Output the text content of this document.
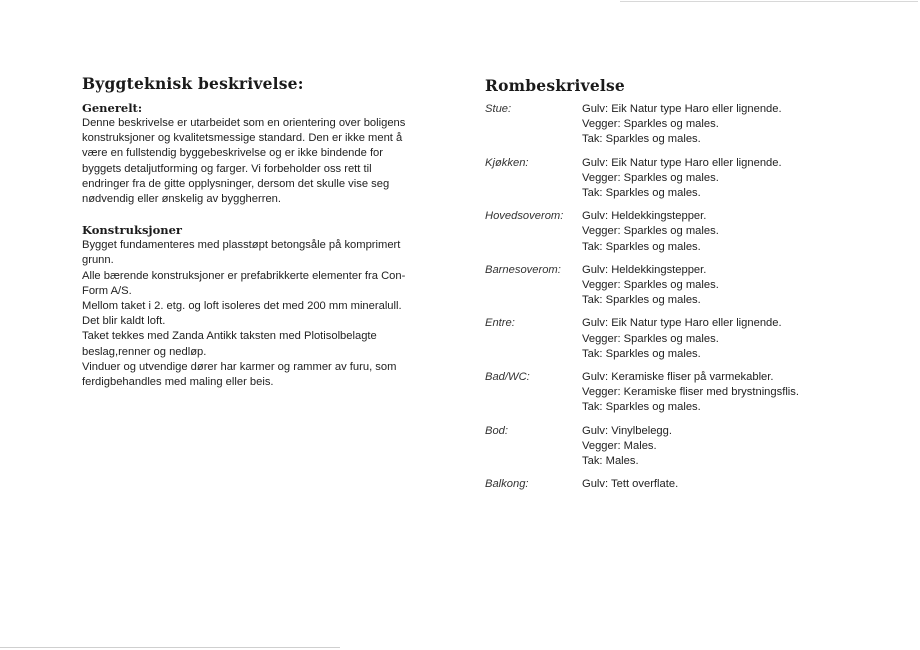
Byggteknisk beskrivelse:
Generelt:

Denne beskrivelse er utarbeidet som en orientering over boligens
konstruksjoner og kvalitetsmessige standard. Den er ikke ment å
være en fullstendig byggebeskrivelse og er ikke bindende for
byggets detaljutforming og farger. Vi forbeholder oss rett til
endringer fra de gitte opplysninger, dersom det skulle vise seg
nødvendig eller ønskelig av byggherren.

Konstruksjoner

Bygget fundamenteres med plasstøpt betongsåle på komprimert
grunn.
Alle bærende konstruksjoner er prefabrikkerte elementer fra Con-
Form A/S.
Mellom taket i 2. etg. og loft isoleres det med 200 mm mineralull.
Det blir kaldt loft.
Taket tekkes med Zanda Antikk taksten med Plotisolbelagte
beslag,renner og nedløp.
Vinduer og utvendige dører har karmer og rammer av furu, som
ferdigbehandles med maling eller beis.

Rombeskrivelse
Stue:	Gulv: Eik Natur type Haro eller lignende.
Vegger: Sparkles og males.
Tak: Sparkles og males.
Kjøkken:	Gulv: Eik Natur type Haro eller lignende.
Vegger: Sparkles og males.
Tak: Sparkles og males.
Hovedsoverom:	Gulv: Heldekkingstepper.
Vegger: Sparkles og males.
Tak: Sparkles og males.
Barnesoverom:	Gulv: Heldekkingstepper.
Vegger: Sparkles og males.
Tak: Sparkles og males.
Entre:	Gulv: Eik Natur type Haro eller lignende.
Vegger: Sparkles og males.
Tak: Sparkles og males.
Bad/WC:	Gulv: Keramiske fliser på varmekabler.
Vegger: Keramiske fliser med brystningsflis.
Tak: Sparkles og males.
Bod:	Gulv: Vinylbelegg.
Vegger: Males.
Tak: Males.
Balkong:	Gulv: Tett overflate.
